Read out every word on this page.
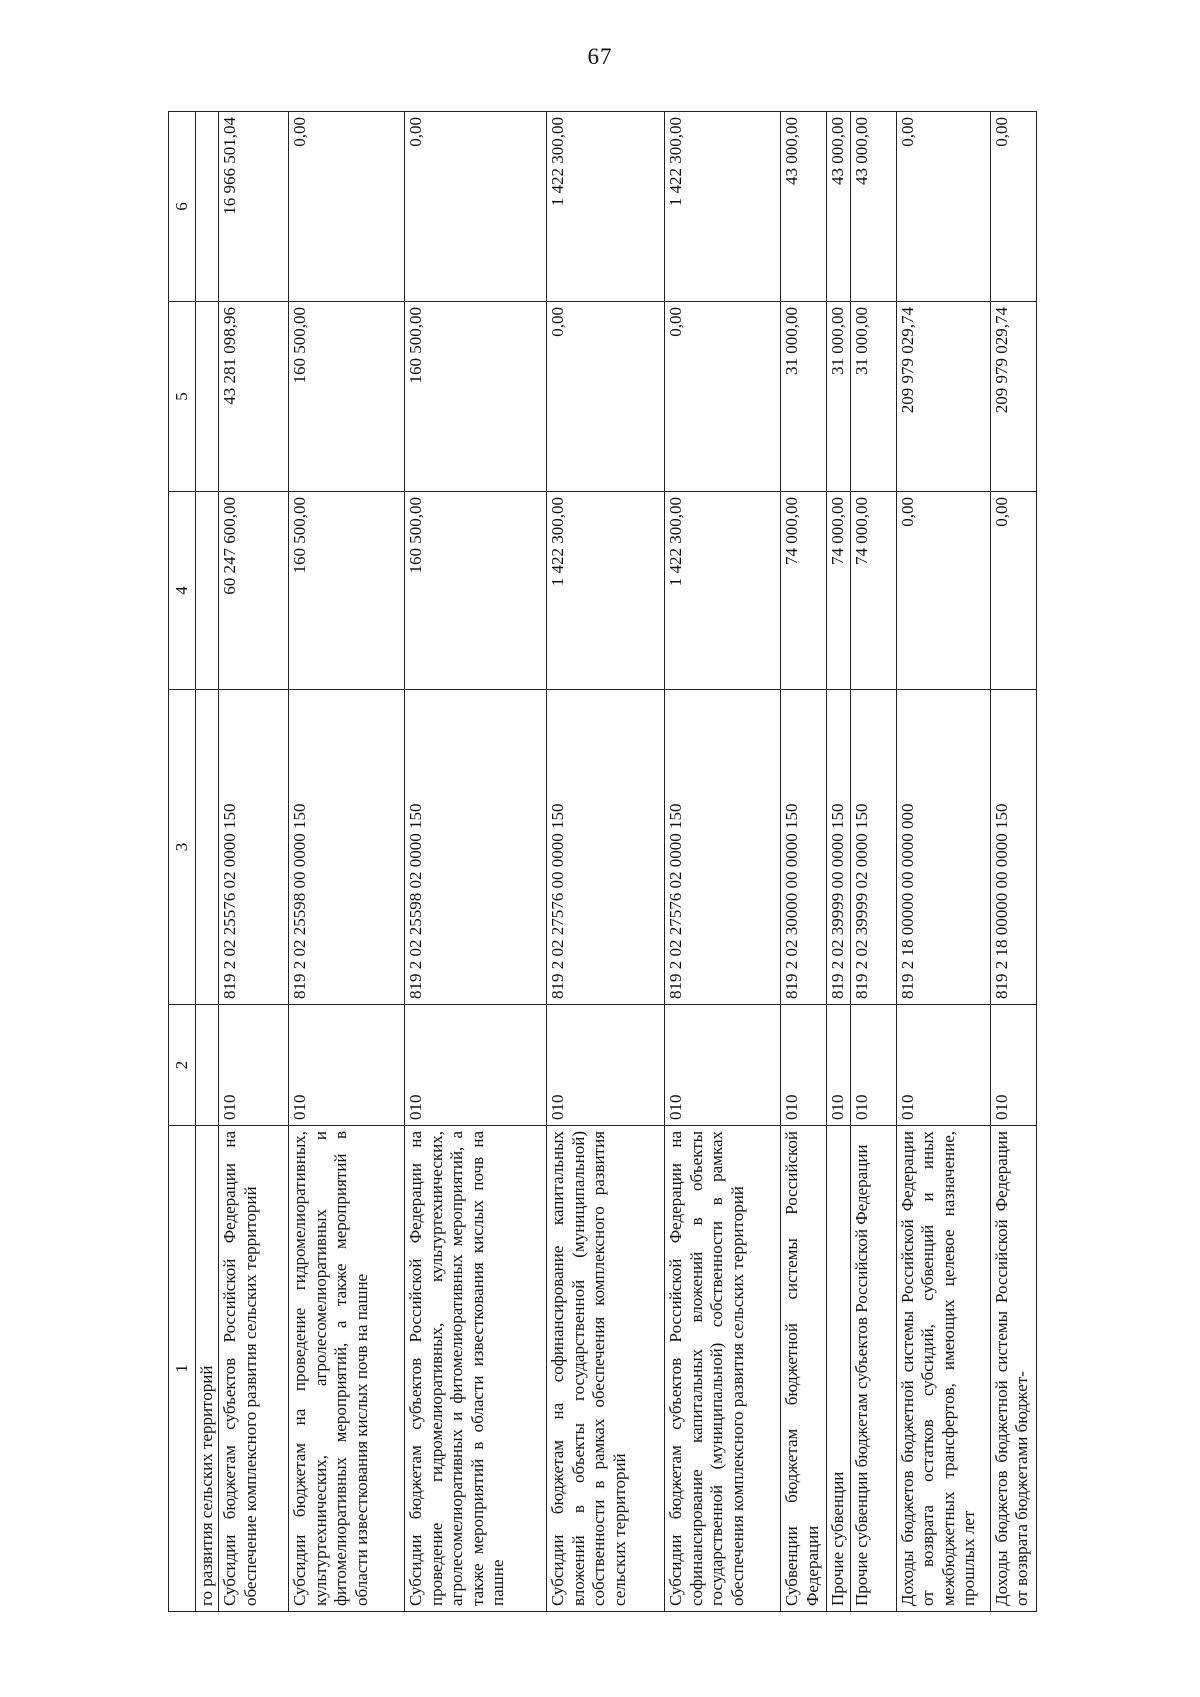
67
1	2	3	4	5	6
го развития сельских территорий					
Субсидии бюджетам субъектов Российской Федерации на обеспечение комплексного развития сельских территорий	010	819 2 02 25576 02 0000 150	60 247 600,00	43 281 098,96	16 966 501,04
Субсидии бюджетам на проведение гидромелиоративных, культуртехнических, агролесомелиоративных и фитомелиоративных мероприятий, а также мероприятий в области известкования кислых почв на пашне	010	819 2 02 25598 00 0000 150	160 500,00	160 500,00	0,00
Субсидии бюджетам субъектов Российской Федерации на проведение гидромелиоративных, культуртехнических, агролесомелиоративных и фитомелиоративных мероприятий, а также мероприятий в области известкования кислых почв на пашне	010	819 2 02 25598 02 0000 150	160 500,00	160 500,00	0,00
Субсидии бюджетам на софинансирование капитальных вложений в объекты государственной (муниципальной) собственности в рамках обеспечения комплексного развития сельских территорий	010	819 2 02 27576 00 0000 150	1 422 300,00	0,00	1 422 300,00
Субсидии бюджетам субъектов Российской Федерации на софинансирование капитальных вложений в объекты государственной (муниципальной) собственности в рамках обеспечения комплексного развития сельских территорий	010	819 2 02 27576 02 0000 150	1 422 300,00	0,00	1 422 300,00
Субвенции бюджетам бюджетной системы Российской Федерации	010	819 2 02 30000 00 0000 150	74 000,00	31 000,00	43 000,00
Прочие субвенции	010	819 2 02 39999 00 0000 150	74 000,00	31 000,00	43 000,00
Прочие субвенции бюджетам субъектов Российской Федерации	010	819 2 02 39999 02 0000 150	74 000,00	31 000,00	43 000,00
Доходы бюджетов бюджетной системы Российской Федерации от возврата остатков субсидий, субвенций и иных межбюджетных трансфертов, имеющих целевое назначение, прошлых лет	010	819 2 18 00000 00 0000 000	0,00	209 979 029,74	0,00
Доходы бюджетов бюджетной системы Российской Федерации от возврата бюджетами бюджет-	010	819 2 18 00000 00 0000 150	0,00	209 979 029,74	0,00
